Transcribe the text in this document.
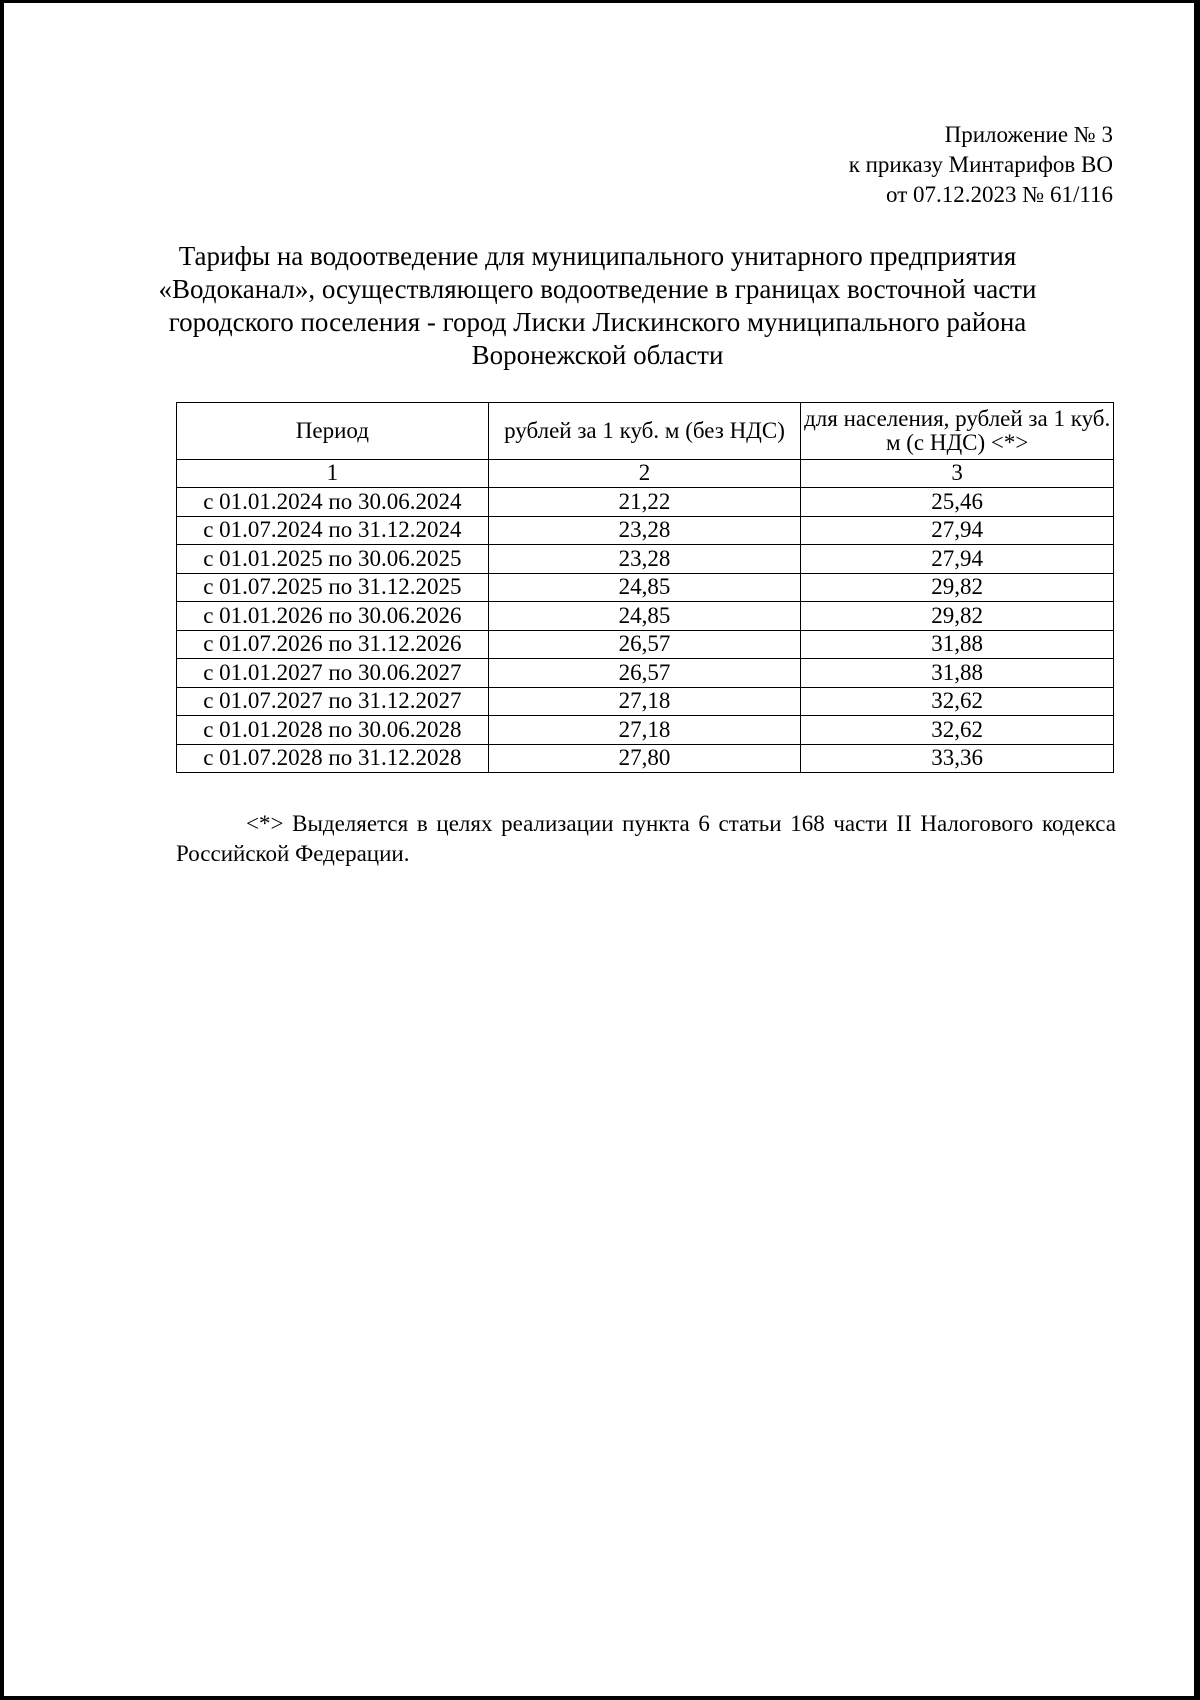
Приложение № 3
к приказу Минтарифов ВО
от 07.12.2023 № 61/116
Тарифы на водоотведение для муниципального унитарного предприятия
«Водоканал», осуществляющего водоотведение в границах восточной части
городского поселения - город Лиски Лискинского муниципального района
Воронежской области
Период	рублей за 1 куб. м (без НДС)	для населения, рублей за 1 куб. м (с НДС) <*>
1	2	3
с 01.01.2024 по 30.06.2024	21,22	25,46
с 01.07.2024 по 31.12.2024	23,28	27,94
с 01.01.2025 по 30.06.2025	23,28	27,94
с 01.07.2025 по 31.12.2025	24,85	29,82
с 01.01.2026 по 30.06.2026	24,85	29,82
с 01.07.2026 по 31.12.2026	26,57	31,88
с 01.01.2027 по 30.06.2027	26,57	31,88
с 01.07.2027 по 31.12.2027	27,18	32,62
с 01.01.2028 по 30.06.2028	27,18	32,62
с 01.07.2028 по 31.12.2028	27,80	33,36
<*> Выделяется в целях реализации пункта 6 статьи 168 части II Налогового кодекса Российской Федерации.
